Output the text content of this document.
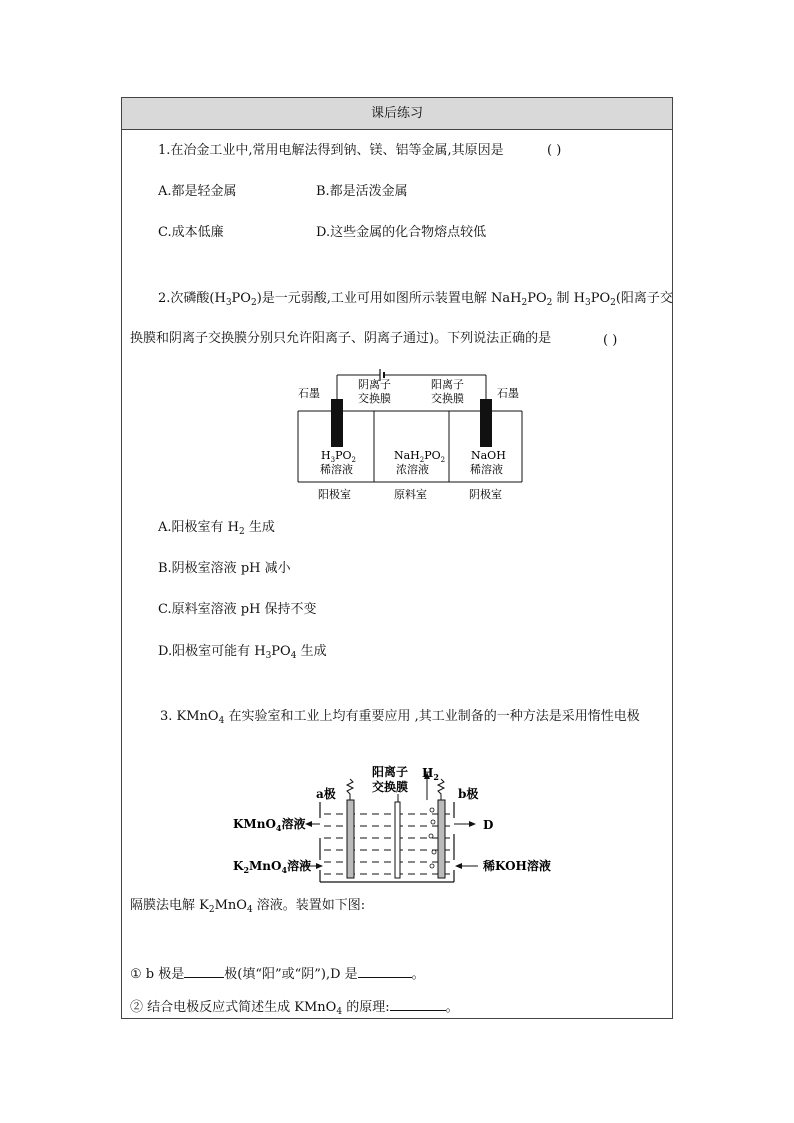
课后练习
1.在冶金工业中,常用电解法得到钠、镁、铝等金属,其原因是	( )
A.都是轻金属	B.都是活泼金属
C.成本低廉	D.这些金属的化合物熔点较低
2.次磷酸$(H_3PO_2)$是一元弱酸,工业可用如图所示装置电解 $NaH_2PO_2$ 制 $H_3PO_2$(阳离子交
换膜和阴离子交换膜分别只允许阳离子、阴离子通过)。下列说法正确的是	( )
石墨	石墨
阴离子
交换膜
阳离子
交换膜
$H_3PO_2$
稀溶液
$NaH_2PO_2$
浓溶液
NaOH
稀溶液
阳极室	原料室	阴极室
A.阳极室有 $H_2$ 生成
B.阴极室溶液 pH 减小
C.原料室溶液 pH 保持不变
D.阳极室可能有 $H_3PO_4$ 生成
3. KMnO$_4$ 在实验室和工业上均有重要应用 ,其工业制备的一种方法是采用惰性电极
阳离子
交换膜
$H_2$
a极	b极
KMnO$_4$溶液
$K_2MnO_4$溶液
D
稀KOH溶液
隔膜法电解 $K_2MnO_4$ 溶液。装置如下图:
① b 极是	极(填“阳”或“阴”),D 是	。
② 结合电极反应式简述生成 KMnO$_4$ 的原理:	。
